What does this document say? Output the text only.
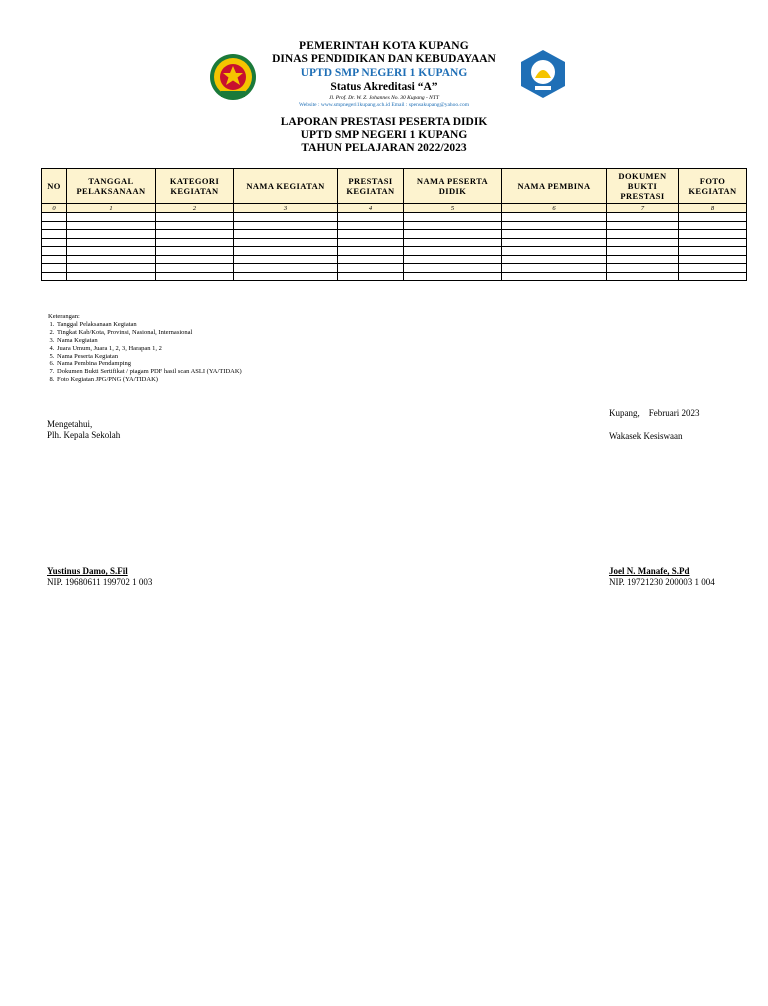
PEMERINTAH KOTA KUPANG
DINAS PENDIDIKAN DAN KEBUDAYAAN
UPTD SMP NEGERI 1 KUPANG
Status Akreditasi “A”
Jl. Prof. Dr. W. Z. Johannes No. 30 Kupang - NTT
Website : www.smpnegeri1kupang.sch.id Email : spensakupang@yahoo.com
LAPORAN PRESTASI PESERTA DIDIK
UPTD SMP NEGERI 1 KUPANG
TAHUN PELAJARAN 2022/2023
NO	TANGGAL PELAKSANAAN	KATEGORI KEGIATAN	NAMA KEGIATAN	PRESTASI KEGIATAN	NAMA PESERTA DIDIK	NAMA PEMBINA	DOKUMEN BUKTI PRESTASI	FOTO KEGIATAN
0	1	2	3	4	5	6	7	8

Keterangan:
1. Tanggal Pelaksanaan Kegiatan
2. Tingkat Kab/Kota, Provinsi, Nasional, Internasional
3. Nama Kegiatan
4. Juara Umum, Juara 1, 2, 3, Harapan 1, 2
5. Nama Peserta Kegiatan
6. Nama Pembina Pendamping
7. Dokumen Bukti Sertifikat / piagam PDF hasil scan ASLI (YA/TIDAK)
8. Foto Kegiatan JPG/PNG (YA/TIDAK)
Kupang,    Februari 2023
Mengetahui,
Plh. Kepala Sekolah	Wakasek Kesiswaan
Yustinus Damo, S.Fil
NIP. 19680611 199702 1 003
Joel N. Manafe, S.Pd
NIP. 19721230 200003 1 004
